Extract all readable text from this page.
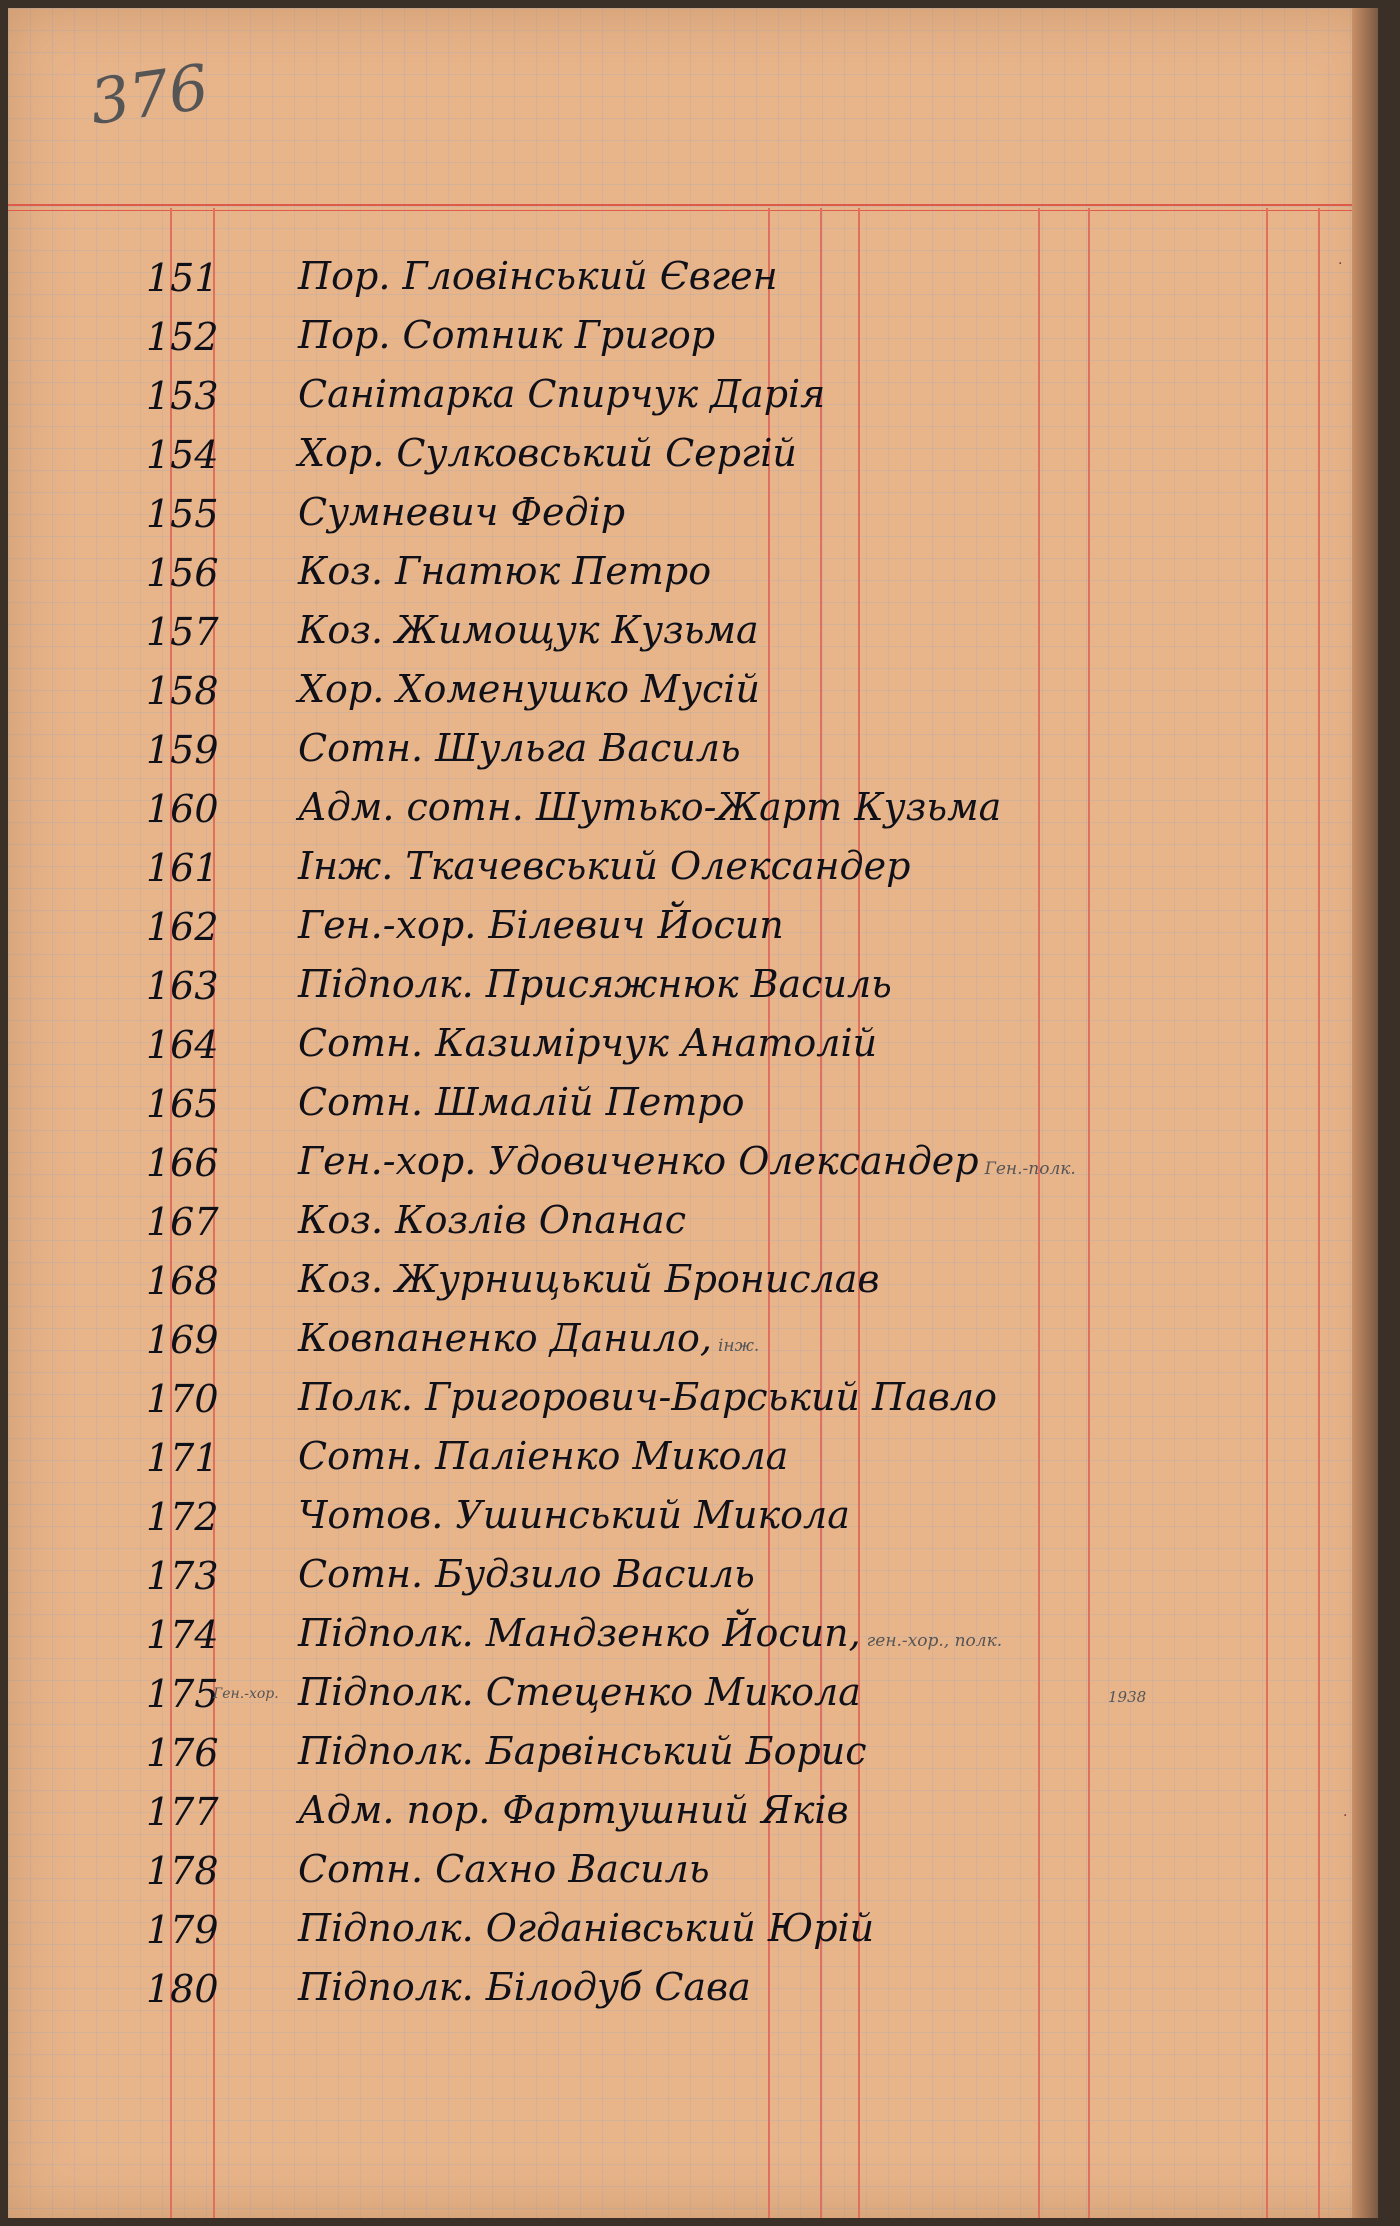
376
151 Пор. Гловінський Євген
152 Пор. Сотник Григор
153 Санітарка Спирчук Дарія
154 Хор. Сулковський Сергій
155 Сумневич Федір
156 Коз. Гнатюк Петро
157 Коз. Жимощук Кузьма
158 Хор. Хоменушко Мусій
159 Сотн. Шульга Василь
160 Адм. сотн. Шутько-Жарт Кузьма
161 Інж. Ткачевський Олександер
162 Ген.-хор. Білевич Йосип
163 Підполк. Присяжнюк Василь
164 Сотн. Казимірчук Анатолій
165 Сотн. Шмалій Петро
166 Ген.-хор. Удовиченко Олександер Ген.-полк.
167 Коз. Козлів Опанас
168 Коз. Журницький Бронислав
169 Ковпаненко Данило, інж.
170 Полк. Григорович-Барський Павло
171 Сотн. Паліенко Микола
172 Чотов. Ушинський Микола
173 Сотн. Будзило Василь
174 Підполк. Мандзенко Йосип, ген.-хор., полк.
175 Підполк. Стеценко Микола
Ген.-хор.	1938
176 Підполк. Барвінський Борис
177 Адм. пор. Фартушний Яків
178 Сотн. Сахно Василь
179 Підполк. Огданівський Юрій
180 Підполк. Білодуб Сава
·
·
